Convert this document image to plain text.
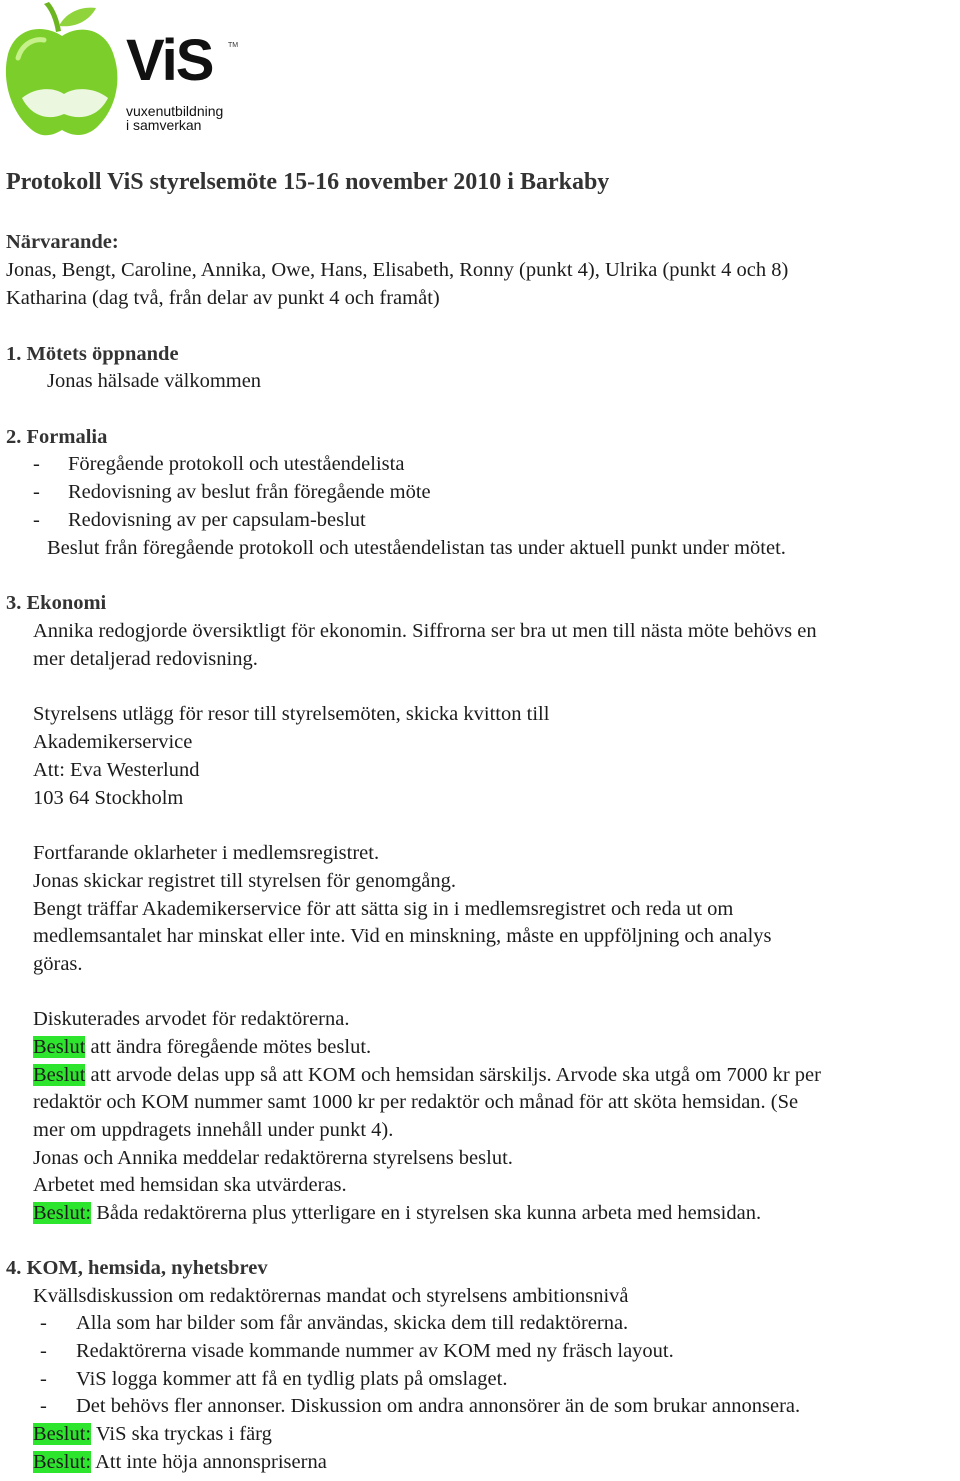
ViS TM
vuxenutbildning
i samverkan
Protokoll ViS styrelsemöte 15-16 november 2010 i Barkaby
Närvarande:
Jonas, Bengt, Caroline, Annika, Owe, Hans, Elisabeth, Ronny (punkt 4), Ulrika (punkt 4 och 8)
Katharina (dag två, från delar av punkt 4 och framåt)
1. Mötets öppnande
Jonas hälsade välkommen
2. Formalia
- Föregående protokoll och uteståendelista
- Redovisning av beslut från föregående möte
- Redovisning av per capsulam-beslut
Beslut från föregående protokoll och uteståendelistan tas under aktuell punkt under mötet.
3. Ekonomi
Annika redogjorde översiktligt för ekonomin. Siffrorna ser bra ut men till nästa möte behövs en
mer detaljerad redovisning.
Styrelsens utlägg för resor till styrelsemöten, skicka kvitton till
Akademikerservice
Att: Eva Westerlund
103 64 Stockholm
Fortfarande oklarheter i medlemsregistret.
Jonas skickar registret till styrelsen för genomgång.
Bengt träffar Akademikerservice för att sätta sig in i medlemsregistret och reda ut om
medlemsantalet har minskat eller inte. Vid en minskning, måste en uppföljning och analys
göras.
Diskuterades arvodet för redaktörerna.
Beslut att ändra föregående mötes beslut.
Beslut att arvode delas upp så att KOM och hemsidan särskiljs. Arvode ska utgå om 7000 kr per
redaktör och KOM nummer samt 1000 kr per redaktör och månad för att sköta hemsidan. (Se
mer om uppdragets innehåll under punkt 4).
Jonas och Annika meddelar redaktörerna styrelsens beslut.
Arbetet med hemsidan ska utvärderas.
Beslut: Båda redaktörerna plus ytterligare en i styrelsen ska kunna arbeta med hemsidan.
4. KOM, hemsida, nyhetsbrev
Kvällsdiskussion om redaktörernas mandat och styrelsens ambitionsnivå
- Alla som har bilder som får användas, skicka dem till redaktörerna.
- Redaktörerna visade kommande nummer av KOM med ny fräsch layout.
- ViS logga kommer att få en tydlig plats på omslaget.
- Det behövs fler annonser. Diskussion om andra annonsörer än de som brukar annonsera.
Beslut: ViS ska tryckas i färg
Beslut: Att inte höja annonspriserna
